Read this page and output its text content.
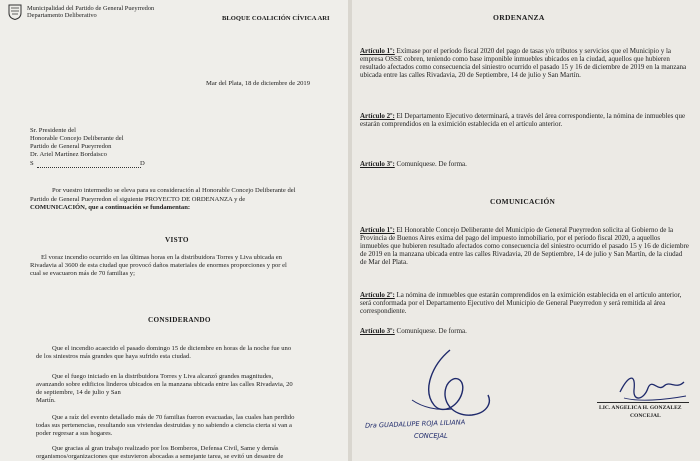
Municipalidad del Partido de General Pueyrredon
Departamento Deliberativo	BLOQUE COALICIÓN CÍVICA ARI
Mar del Plata, 18 de diciembre de 2019
Sr. Presidente del
Honorable Concejo Deliberante del
Partido de General Pueyrredon
Dr. Ariel Martínez Bordaisco
S	D
Por vuestro intermedio se eleva para su consideración al Honorable Concejo Deliberante del
Partido de General Pueyrredon el siguiente PROYECTO DE ORDENANZA y de
COMUNICACIÓN, que a continuación se fundamentan:
VISTO
El voraz incendio ocurrido en las últimas horas en la distribuidora Torres y Liva ubicada en
Rivadavia al 3600 de esta ciudad que provocó daños materiales de enormes proporciones y por el
cual se evacuaron más de 70 familias y;
CONSIDERANDO
Que el incendio acaecido el pasado domingo 15 de diciembre en horas de la noche fue uno
de los siniestros más grandes que haya sufrido esta ciudad.
Que el fuego iniciado en la distribuidora Torres y Liva alcanzó grandes magnitudes,
avanzando sobre edificios linderos ubicados en la manzana ubicada entre las calles Rivadavia, 20
de septiembre, 14 de julio y San
Martín.
Que a raíz del evento detallado más de 70 familias fueron evacuadas, las cuales han perdido
todas sus pertenencias, resultando sus viviendas destruidas y no sabiendo a ciencia cierta si van a
poder regresar a sus hogares.
Que gracias al gran trabajo realizado por los Bomberos, Defensa Civil, Same y demás
organismos/organizaciones que estuvieron abocadas a semejante tarea, se evitó un desastre de
ORDENANZA
Artículo 1º: Exímase por el período fiscal 2020 del pago de tasas y/o tributos y servicios que el Municipio y la empresa OSSE cobren, teniendo como base imponible inmuebles ubicados en la ciudad, aquellos que hubieren resultado afectados como consecuencia del siniestro ocurrido el pasado 15 y 16 de diciembre de 2019 en la manzana ubicada entre las calles Rivadavia, 20 de Septiembre, 14 de julio y San Martín.
Artículo 2º: El Departamento Ejecutivo determinará, a través del área correspondiente, la nómina de inmuebles que estarán comprendidos en la eximición establecida en el artículo anterior.
Artículo 3º: Comuníquese. De forma.
COMUNICACIÓN
Artículo 1º: El Honorable Concejo Deliberante del Municipio de General Pueyrredon solicita al Gobierno de la Provincia de Buenos Aires exima del pago del impuesto inmobiliario, por el período fiscal 2020, a aquellos inmuebles que hubieren resultado afectados como consecuencia del siniestro ocurrido el pasado 15 y 16 de diciembre de 2019 en la manzana ubicada entre las calles Rivadavia, 20 de Septiembre, 14 de julio y San Martín, de la ciudad de Mar del Plata.
Artículo 2º: La nómina de inmuebles que estarán comprendidos en la eximición establecida en el artículo anterior, será conformada por el Departamento Ejecutivo del Municipio de General Pueyrredon y será remitida al área correspondiente.
Artículo 3º: Comuníquese. De forma.
Dra GUADALUPE ROJA LILIANA
CONCEJAL
LIC. ANGELICA H. GONZALEZ
CONCEJAL
